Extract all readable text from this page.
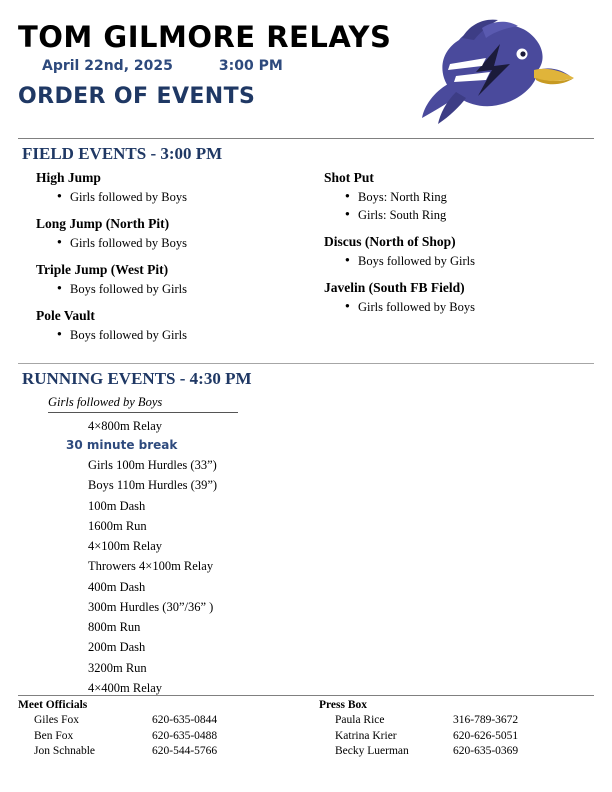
TOM GILMORE RELAYS
April 22nd, 2025	3:00 PM
ORDER OF EVENTS
FIELD EVENTS - 3:00 PM
High Jump
● Girls followed by Boys
Long Jump (North Pit)
● Girls followed by Boys
Triple Jump (West Pit)
● Boys followed by Girls
Pole Vault
● Boys followed by Girls
Shot Put
● Boys: North Ring
● Girls: South Ring
Discus (North of Shop)
● Boys followed by Girls
Javelin (South FB Field)
● Girls followed by Boys
RUNNING EVENTS - 4:30 PM
Girls followed by Boys
4×800m Relay
30 minute break
Girls 100m Hurdles (33”)
Boys 110m Hurdles (39”)
100m Dash
1600m Run
4×100m Relay
Throwers 4×100m Relay
400m Dash
300m Hurdles (30”/36” )
800m Run
200m Dash
3200m Run
4×400m Relay
Meet Officials
Giles Fox	620-635-0844
Ben Fox	620-635-0488
Jon Schnable	620-544-5766
Press Box
Paula Rice	316-789-3672
Katrina Krier	620-626-5051
Becky Luerman	620-635-0369
